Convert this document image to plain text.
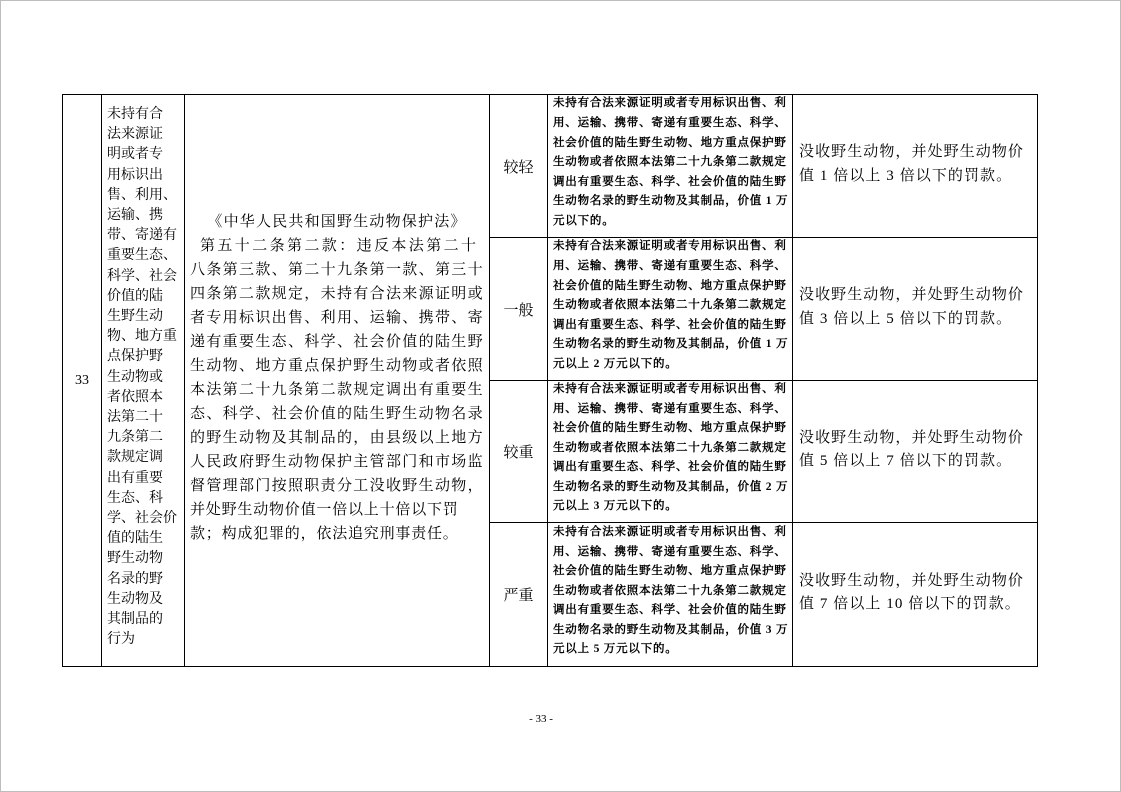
33
未持有合
法来源证
明或者专
用标识出
售、利用、
运输、携
带、寄递有
重要生态、
科学、社会
价值的陆
生野生动
物、地方重
点保护野
生动物或
者依照本
法第二十
九条第二
款规定调
出有重要
生态、科
学、社会价
值的陆生
野生动物
名录的野
生动物及
其制品的
行为
《中华人民共和国野生动物保护法》
第五十二条第二款：违反本法第二十
八条第三款、第二十九条第一款、第三十
四条第二款规定，未持有合法来源证明或
者专用标识出售、利用、运输、携带、寄
递有重要生态、科学、社会价值的陆生野
生动物、地方重点保护野生动物或者依照
本法第二十九条第二款规定调出有重要生
态、科学、社会价值的陆生野生动物名录
的野生动物及其制品的，由县级以上地方
人民政府野生动物保护主管部门和市场监
督管理部门按照职责分工没收野生动物，
并处野生动物价值一倍以上十倍以下罚
款；构成犯罪的，依法追究刑事责任。
较轻
未持有合法来源证明或者专用标识出售、利
用、运输、携带、寄递有重要生态、科学、
社会价值的陆生野生动物、地方重点保护野
生动物或者依照本法第二十九条第二款规定
调出有重要生态、科学、社会价值的陆生野
生动物名录的野生动物及其制品，价值 1 万
元以下的。
没收野生动物，并处野生动物价
值 1 倍以上 3 倍以下的罚款。
一般
未持有合法来源证明或者专用标识出售、利
用、运输、携带、寄递有重要生态、科学、
社会价值的陆生野生动物、地方重点保护野
生动物或者依照本法第二十九条第二款规定
调出有重要生态、科学、社会价值的陆生野
生动物名录的野生动物及其制品，价值 1 万
元以上 2 万元以下的。
没收野生动物，并处野生动物价
值 3 倍以上 5 倍以下的罚款。
较重
未持有合法来源证明或者专用标识出售、利
用、运输、携带、寄递有重要生态、科学、
社会价值的陆生野生动物、地方重点保护野
生动物或者依照本法第二十九条第二款规定
调出有重要生态、科学、社会价值的陆生野
生动物名录的野生动物及其制品，价值 2 万
元以上 3 万元以下的。
没收野生动物，并处野生动物价
值 5 倍以上 7 倍以下的罚款。
严重
未持有合法来源证明或者专用标识出售、利
用、运输、携带、寄递有重要生态、科学、
社会价值的陆生野生动物、地方重点保护野
生动物或者依照本法第二十九条第二款规定
调出有重要生态、科学、社会价值的陆生野
生动物名录的野生动物及其制品，价值 3 万
元以上 5 万元以下的。
没收野生动物，并处野生动物价
值 7 倍以上 10 倍以下的罚款。
- 33 -
